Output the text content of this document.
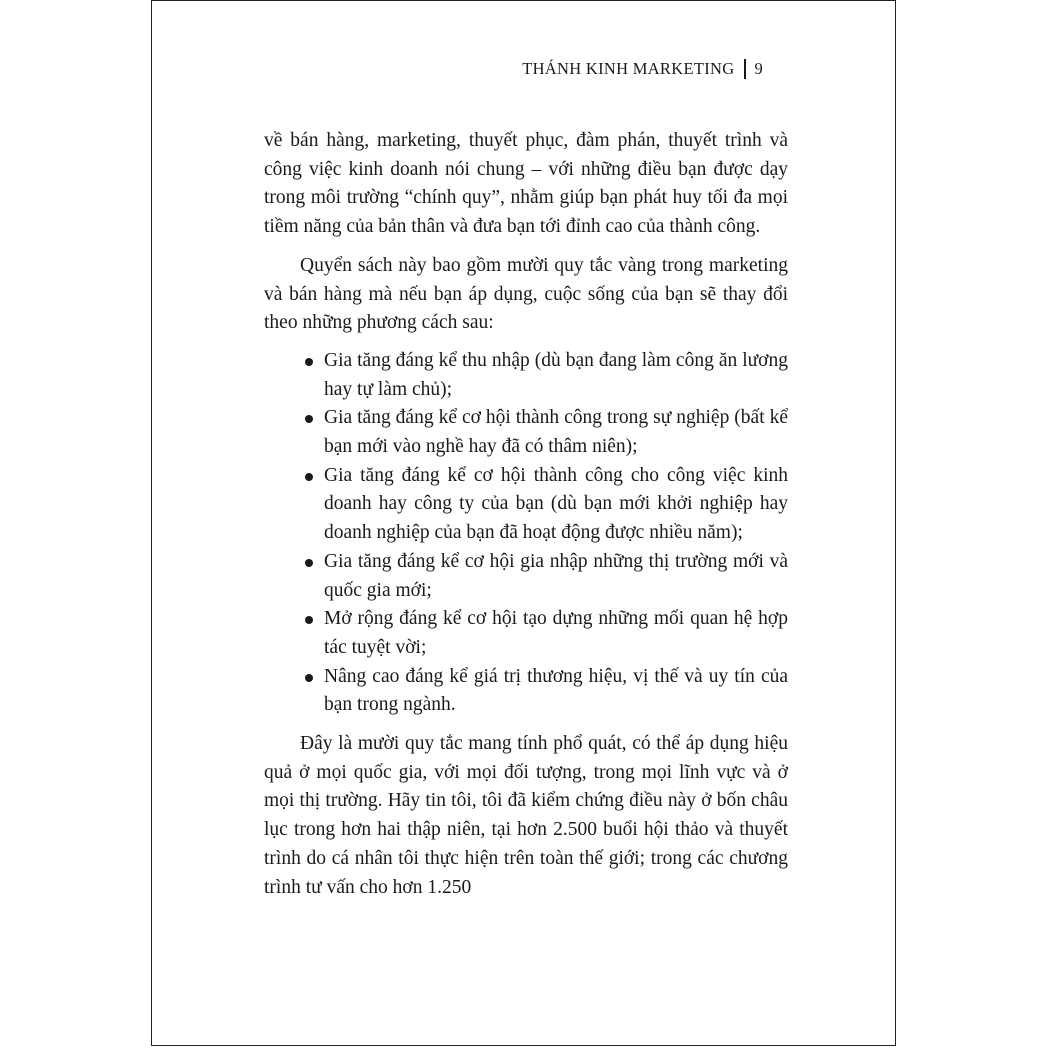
THÁNH KINH MARKETING 9

về bán hàng, marketing, thuyết phục, đàm phán, thuyết trình và công việc kinh doanh nói chung – với những điều bạn được dạy trong môi trường “chính quy”, nhằm giúp bạn phát huy tối đa mọi tiềm năng của bản thân và đưa bạn tới đỉnh cao của thành công.

Quyển sách này bao gồm mười quy tắc vàng trong marketing và bán hàng mà nếu bạn áp dụng, cuộc sống của bạn sẽ thay đổi theo những phương cách sau:

Gia tăng đáng kể thu nhập (dù bạn đang làm công ăn lương hay tự làm chủ);
Gia tăng đáng kể cơ hội thành công trong sự nghiệp (bất kể bạn mới vào nghề hay đã có thâm niên);
Gia tăng đáng kể cơ hội thành công cho công việc kinh doanh hay công ty của bạn (dù bạn mới khởi nghiệp hay doanh nghiệp của bạn đã hoạt động được nhiều năm);
Gia tăng đáng kể cơ hội gia nhập những thị trường mới và quốc gia mới;
Mở rộng đáng kể cơ hội tạo dựng những mối quan hệ hợp tác tuyệt vời;
Nâng cao đáng kể giá trị thương hiệu, vị thế và uy tín của bạn trong ngành.

Đây là mười quy tắc mang tính phổ quát, có thể áp dụng hiệu quả ở mọi quốc gia, với mọi đối tượng, trong mọi lĩnh vực và ở mọi thị trường. Hãy tin tôi, tôi đã kiểm chứng điều này ở bốn châu lục trong hơn hai thập niên, tại hơn 2.500 buổi hội thảo và thuyết trình do cá nhân tôi thực hiện trên toàn thế giới; trong các chương trình tư vấn cho hơn 1.250
